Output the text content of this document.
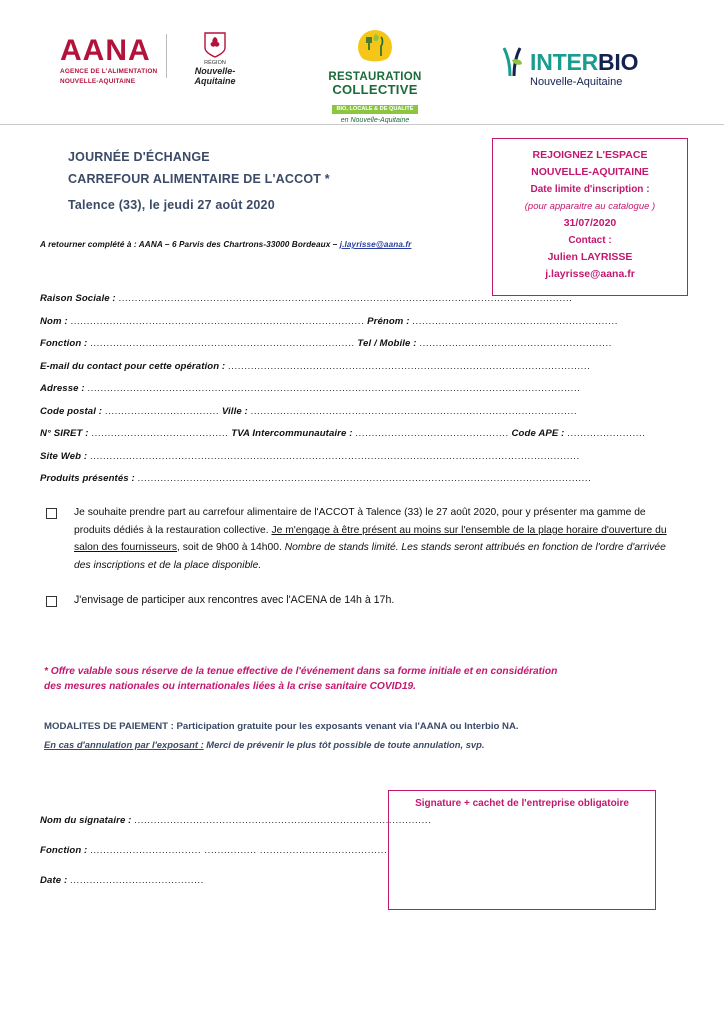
AANA
AGENCE DE L'ALIMENTATION
NOUVELLE-AQUITAINE
RÉGION
Nouvelle-
Aquitaine	RESTAURATION
COLLECTIVE
BIO, LOCALE & DE QUALITÉ
en Nouvelle-Aquitaine
INTER BIO
Nouvelle-Aquitaine
JOURNÉE D'ÉCHANGE
CARREFOUR ALIMENTAIRE DE L'ACCOT *
Talence (33), le jeudi 27 août 2020
A retourner complété à : AANA – 6 Parvis des Chartrons-33000 Bordeaux – j.layrisse@aana.fr
REJOIGNEZ L'ESPACE
NOUVELLE-AQUITAINE
Date limite d'inscription :
(pour apparaitre au catalogue )
31/07/2020
Contact :
Julien LAYRISSE
j.layrisse@aana.fr
Raison Sociale : ...........................................................................................................................................
Nom : .......................................................................................... Prénom : ...............................................................
Fonction : ................................................................................. Tel / Mobile : ...........................................................
E-mail du contact pour cette opération : ...............................................................................................................
Adresse : .......................................................................................................................................................
Code postal : ................................... Ville : ....................................................................................................
N° SIRET : .......................................... TVA Intercommunautaire : ............................................... Code APE : ........................
Site Web : ......................................................................................................................................................
Produits présentés : ...........................................................................................................................................
Je souhaite prendre part au carrefour alimentaire de l'ACCOT à Talence (33) le 27 août 2020, pour y présenter ma gamme de produits dédiés à la restauration collective. Je m'engage à être présent au moins sur l'ensemble de la plage horaire d'ouverture du salon des fournisseurs, soit de 9h00 à 14h00. Nombre de stands limité. Les stands seront attribués en fonction de l'ordre d'arrivée des inscriptions et de la place disponible.
J'envisage de participer aux rencontres avec l'ACENA de 14h à 17h.
* Offre valable sous réserve de la tenue effective de l'événement dans sa forme initiale et en considération
des mesures nationales ou internationales liées à la crise sanitaire COVID19.
MODALITES DE PAIEMENT : Participation gratuite pour les exposants venant via l'AANA ou Interbio NA.
En cas d'annulation par l'exposant : Merci de prévenir le plus tôt possible de toute annulation, svp.
Nom du signataire : ...........................................................................................
Fonction : .................................. ................ ........................................
Date : .........................................
Signature + cachet de l'entreprise obligatoire
